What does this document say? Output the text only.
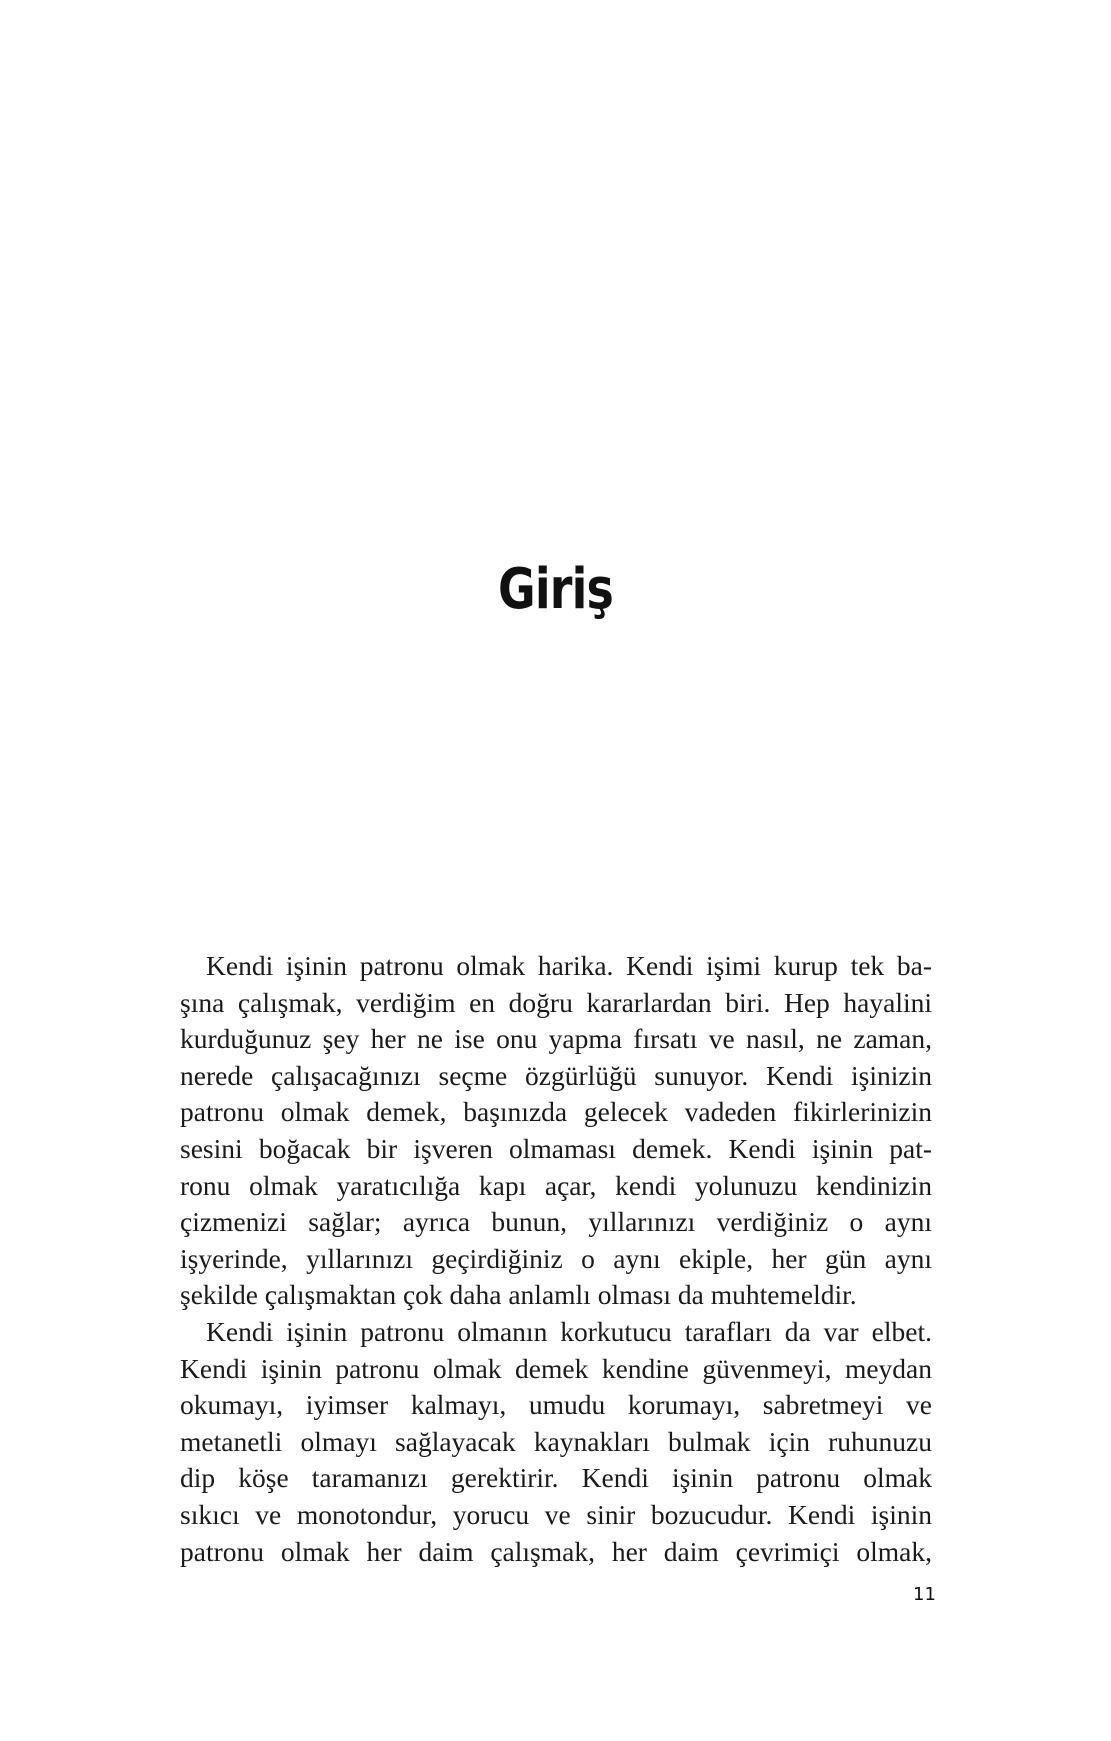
Giriş
Kendi işinin patronu olmak harika. Kendi işimi kurup tek ba-
şına çalışmak, verdiğim en doğru kararlardan biri. Hep hayalini
kurduğunuz şey her ne ise onu yapma fırsatı ve nasıl, ne zaman,
nerede çalışacağınızı seçme özgürlüğü sunuyor. Kendi işinizin
patronu olmak demek, başınızda gelecek vadeden fikirlerinizin
sesini boğacak bir işveren olmaması demek. Kendi işinin pat-
ronu olmak yaratıcılığa kapı açar, kendi yolunuzu kendinizin
çizmenizi sağlar; ayrıca bunun, yıllarınızı verdiğiniz o aynı
işyerinde, yıllarınızı geçirdiğiniz o aynı ekiple, her gün aynı
şekilde çalışmaktan çok daha anlamlı olması da muhtemeldir.
Kendi işinin patronu olmanın korkutucu tarafları da var elbet.
Kendi işinin patronu olmak demek kendine güvenmeyi, meydan
okumayı, iyimser kalmayı, umudu korumayı, sabretmeyi ve
metanetli olmayı sağlayacak kaynakları bulmak için ruhunuzu
dip köşe taramanızı gerektirir. Kendi işinin patronu olmak
sıkıcı ve monotondur, yorucu ve sinir bozucudur. Kendi işinin
patronu olmak her daim çalışmak, her daim çevrimiçi olmak,
11
